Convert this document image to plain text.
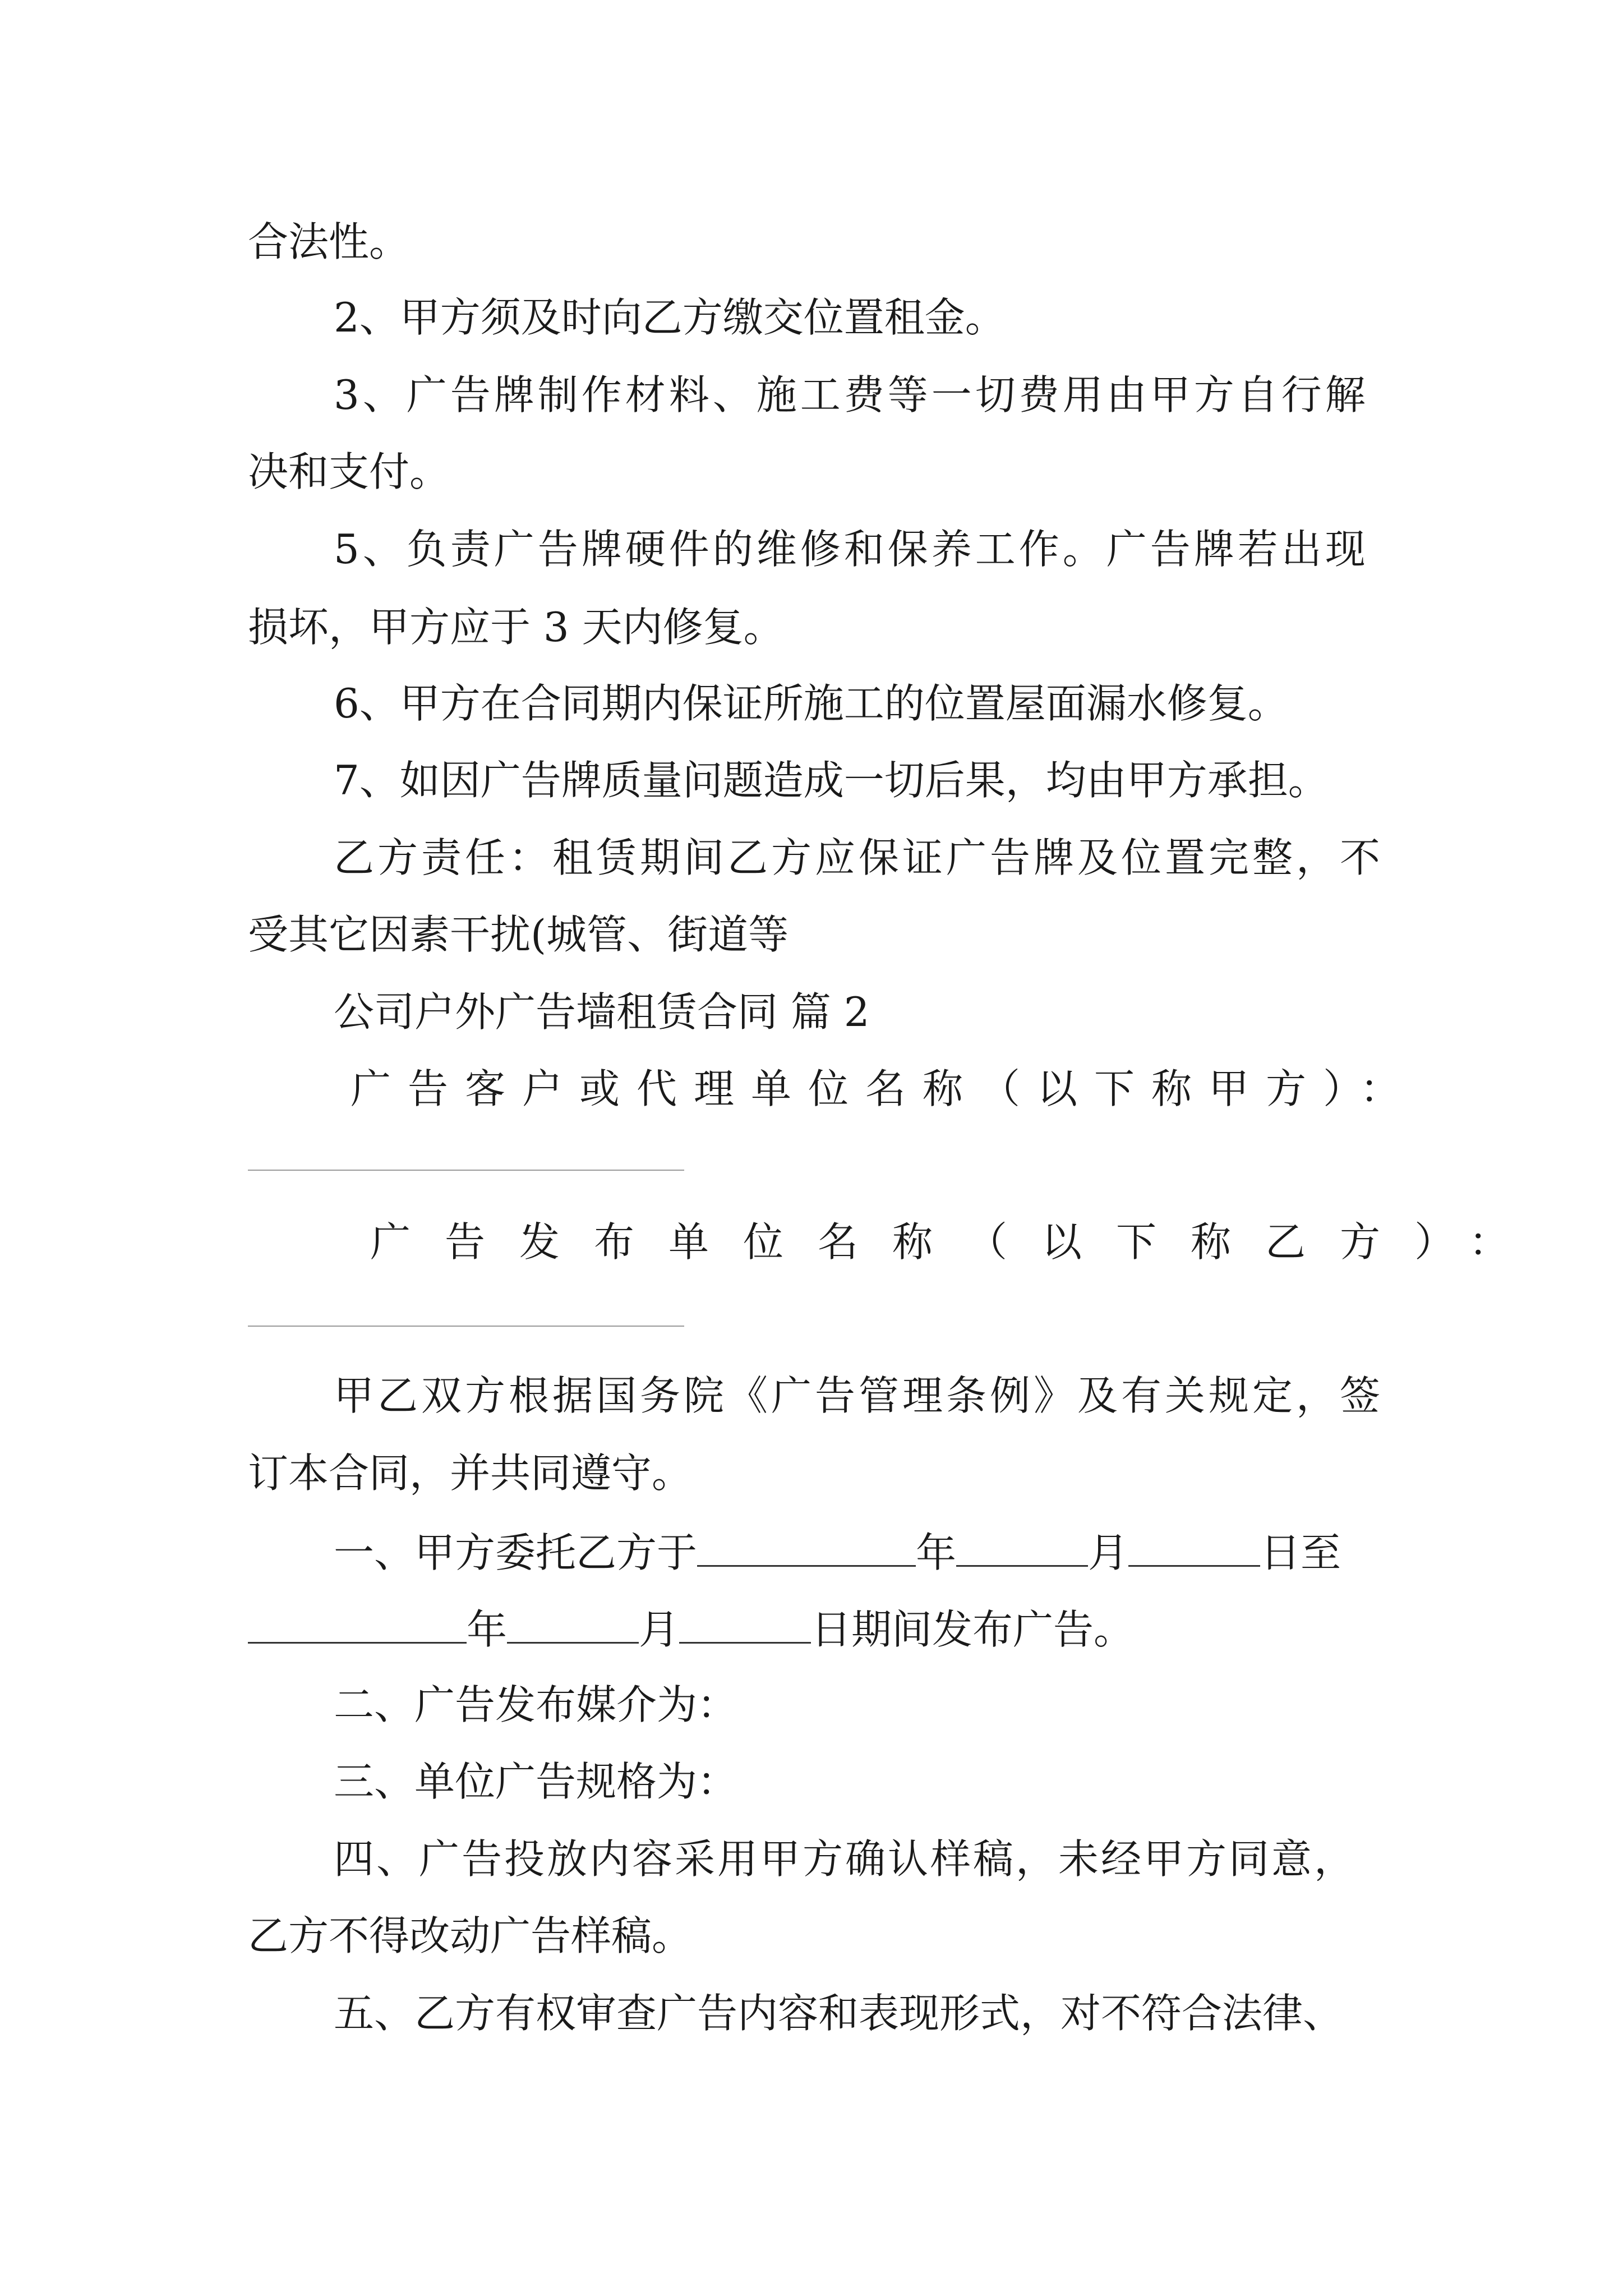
合法性。
2、甲方须及时向乙方缴交位置租金。
3、广告牌制作材料、施工费等一切费用由甲方自行解
决和支付。
5、负责广告牌硬件的维修和保养工作。广告牌若出现
损坏，甲方应于 3 天内修复。
6、甲方在合同期内保证所施工的位置屋面漏水修复。
7、如因广告牌质量问题造成一切后果，均由甲方承担。
乙方责任：租赁期间乙方应保证广告牌及位置完整，不
受其它因素干扰(城管、街道等
公司户外广告墙租赁合同 篇 2
广告客户或代理单位名称（以下称甲方）：
广告发布单位名称（以下称乙方）：
甲乙双方根据国务院《广告管理条例》及有关规定，签
订本合同，并共同遵守。
一、甲方委托乙方于	年	月	日至
年	月	日期间发布广告。
二、广告发布媒介为：
三、单位广告规格为：
四、广告投放内容采用甲方确认样稿，未经甲方同意，
乙方不得改动广告样稿。
五、乙方有权审查广告内容和表现形式，对不符合法律、
